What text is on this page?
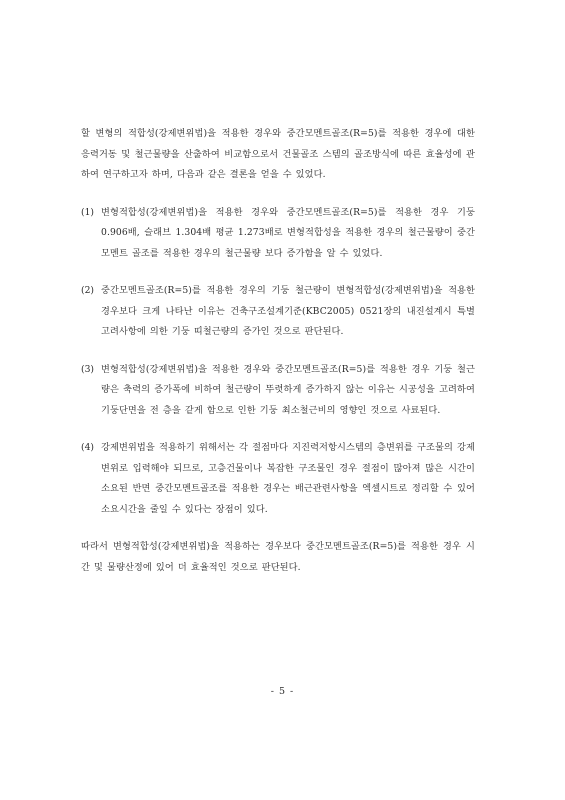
할 변형의 적합성(강제변위법)을 적용한 경우와 중간모멘트골조(R=5)를 적용한 경우에 대한 응력거동 및 철근물량을 산출하여 비교함으로서 건물골조 스템의 골조방식에 따른 효율성에 관하여 연구하고자 하며, 다음과 같은 결론을 얻을 수 있었다.

(1) 변형적합성(강제변위법)을 적용한 경우와 중간모멘트골조(R=5)를 적용한 경우 기둥 0.906배, 슬래브 1.304배 평균 1.273배로 변형적합성을 적용한 경우의 철근물량이 중간모멘트 골조를 적용한 경우의 철근물량 보다 증가함을 알 수 있었다.
(2) 중간모멘트골조(R=5)를 적용한 경우의 기둥 철근량이 변형적합성(강제변위법)을 적용한 경우보다 크게 나타난 이유는 건축구조설계기준(KBC2005) 0521장의 내진설계시 특별 고려사항에 의한 기둥 띠철근량의 증가인 것으로 판단된다.
(3) 변형적합성(강제변위법)을 적용한 경우와 중간모멘트골조(R=5)를 적용한 경우 기둥 철근량은 축력의 증가폭에 비하여 철근량이 뚜렷하게 증가하지 않는 이유는 시공성을 고려하여 기둥단면을 전 층을 같게 함으로 인한 기둥 최소철근비의 영향인 것으로 사료된다.
(4) 강제변위법을 적용하기 위해서는 각 절점마다 지진력저항시스템의 층변위를 구조물의 강제변위로 입력해야 되므로, 고층건물이나 복잡한 구조물인 경우 절점이 많아져 많은 시간이 소요된 반면 중간모멘트골조를 적용한 경우는 배근관련사항을 엑셀시트로 정리할 수 있어 소요시간을 줄일 수 있다는 장점이 있다.

따라서 변형적합성(강제변위법)을 적용하는 경우보다 중간모멘트골조(R=5)를 적용한 경우 시간 및 물량산정에 있어 더 효율적인 것으로 판단된다.

- 5 -
